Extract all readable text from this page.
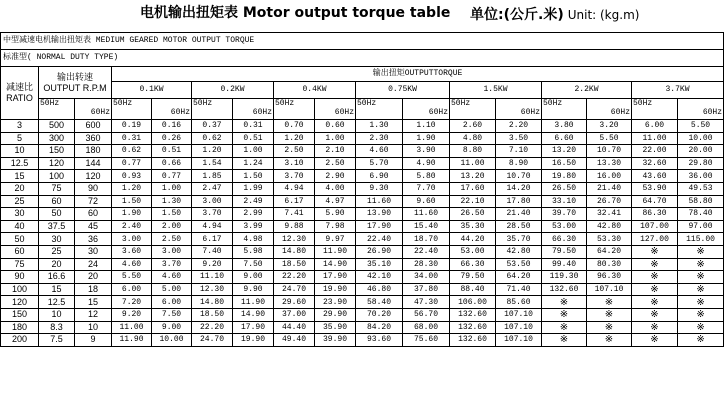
电机输出扭矩表 Motor output torque table 单位:(公斤.米) Unit: (kg.m)
中型减速电机输出扭矩表 MEDIUM GEARED MOTOR OUTPUT TORQUE																
标准型( NORMAL DUTY TYPE)																
减速比 RATIO	输出转速 OUTPUT R.P.M		输出扭矩OUTPUTTORQUE													
			0.1KW		0.2KW		0.4KW		0.75KW		1.5KW		2.2KW		3.7KW	

	50Hz	60Hz	50Hz	60Hz	50Hz	60Hz	50Hz	60Hz	50Hz	60Hz	50Hz	60Hz	50Hz	60Hz	50Hz	60Hz

3	500	600	0.19	0.16	0.37	0.31	0.70	0.60	1.30	1.10	2.60	2.20	3.80	3.20	6.00	5.50
5	300	360	0.31	0.26	0.62	0.51	1.20	1.00	2.30	1.90	4.80	3.50	6.60	5.50	11.00	10.00
10	150	180	0.62	0.51	1.20	1.00	2.50	2.10	4.60	3.90	8.80	7.10	13.20	10.70	22.00	20.00
12.5	120	144	0.77	0.66	1.54	1.24	3.10	2.50	5.70	4.90	11.00	8.90	16.50	13.30	32.60	29.80
15	100	120	0.93	0.77	1.85	1.50	3.70	2.90	6.90	5.80	13.20	10.70	19.80	16.00	43.60	36.00
20	75	90	1.20	1.00	2.47	1.99	4.94	4.00	9.30	7.70	17.60	14.20	26.50	21.40	53.90	49.53
25	60	72	1.50	1.30	3.00	2.49	6.17	4.97	11.60	9.60	22.10	17.80	33.10	26.70	64.70	58.80
30	50	60	1.90	1.50	3.70	2.99	7.41	5.90	13.90	11.60	26.50	21.40	39.70	32.41	86.30	78.40
40	37.5	45	2.40	2.00	4.94	3.99	9.88	7.98	17.90	15.40	35.30	28.50	53.00	42.80	107.00	97.00
50	30	36	3.00	2.50	6.17	4.98	12.30	9.97	22.40	18.70	44.20	35.70	66.30	53.30	127.00	115.00
60	25	30	3.60	3.00	7.40	5.98	14.80	11.90	26.90	22.40	53.00	42.80	79.50	64.20	※	※
75	20	24	4.60	3.70	9.20	7.50	18.50	14.90	35.10	28.30	66.30	53.50	99.40	80.30	※	※
90	16.6	20	5.50	4.60	11.10	9.00	22.20	17.90	42.10	34.00	79.50	64.20	119.30	96.30	※	※
100	15	18	6.00	5.00	12.30	9.90	24.70	19.90	46.80	37.80	88.40	71.40	132.60	107.10	※	※
120	12.5	15	7.20	6.00	14.80	11.90	29.60	23.90	58.40	47.30	106.00	85.60	※	※	※	※
150	10	12	9.20	7.50	18.50	14.90	37.00	29.90	70.20	56.70	132.60	107.10	※	※	※	※
180	8.3	10	11.00	9.00	22.20	17.90	44.40	35.90	84.20	68.00	132.60	107.10	※	※	※	※
200	7.5	9	11.90	10.00	24.70	19.90	49.40	39.90	93.60	75.60	132.60	107.10	※	※	※	※
